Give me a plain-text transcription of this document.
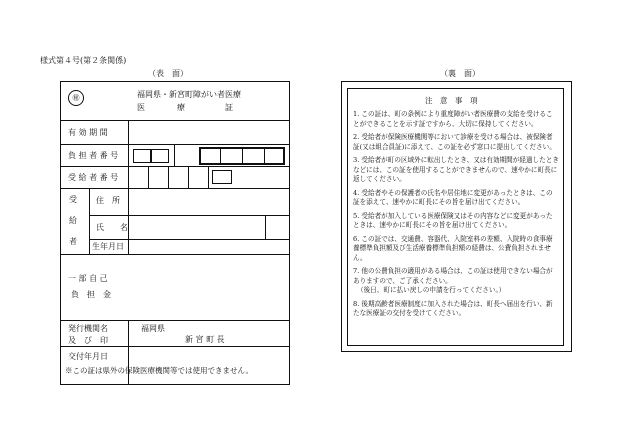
様式第４号(第２条関係)
（表　面）	（裏　面）
㊙	福岡県・新宮町障がい者医療
医　　　　療　　　　　証
有 効 期 間
負 担 者 番 号
受 給 者 番 号
受
給
者
住　所
氏　　名
生年月日
一 部 自 己
負　担　金
発行機関名
及　び　印
福岡県
新 宮 町 長
交付年月日
※この証は県外の保険医療機関等では使用できません。
注　意　事　項

1. この証は、町の条例により重度障がい者医療費の支給を受けることができることを示す証ですから、大切に保持してください。

2. 受給者が保険医療機関等において診療を受ける場合は、被保険者証(又は組合員証)に添えて、この証を必ず窓口に提出してください。

3. 受給者が町の区域外に転出したとき、又は有効期間が経過したときなどには、この証を使用することができませんので、速やかに町長に返してください。

4. 受給者やその保護者の氏名や居住地に変更があったときは、この証を添えて、速やかに町長にその旨を届け出てください。

5. 受給者が加入している医療保険又はその内容などに変更があったときは、速やかに町長にその旨を届け出てください。

6. この証では、交通費、容器代、入院室料の差額、入院時の食事療養標準負担額及び生活療養標準負担額の経費は、公費負担されません。

7. 他の公費負担の適用がある場合は、この証は使用できない場合がありますので、ご了承ください。

（後日、町に払い戻しの申請を行ってください。）

8. 後期高齢者医療制度に加入された場合は、町長へ届出を行い、新たな医療証の交付を受けてください。
